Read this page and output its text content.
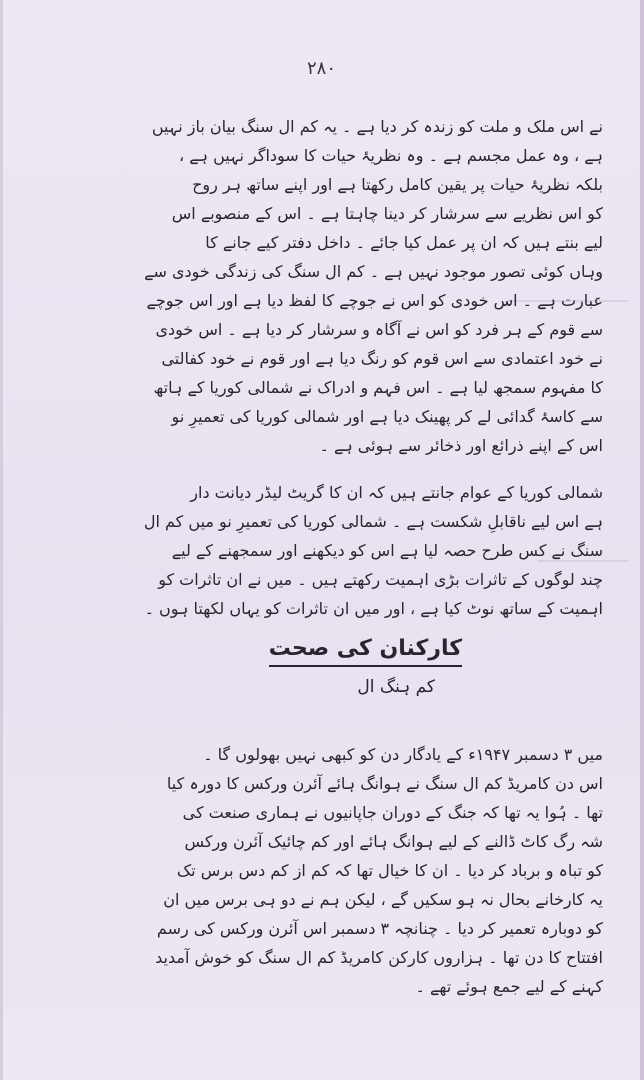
۲۸۰
نے اس ملک و ملت کو زندہ کر دیا ہے ۔ یہ کم ال سنگ بیان باز نہیں
ہے ، وہ عمل مجسم ہے ۔ وہ نظریۂ حیات کا سوداگر نہیں ہے ،
بلکہ نظریۂ حیات پر یقین کامل رکھتا ہے اور اپنے ساتھ ہر روح
کو اس نظریے سے سرشار کر دینا چاہتا ہے ۔ اس کے منصوبے اس
لیے بنتے ہیں کہ ان پر عمل کیا جائے ۔ داخل دفتر کیے جانے کا
وہاں کوئی تصور موجود نہیں ہے ۔ کم ال سنگ کی زندگی خودی سے
عبارت ہے ۔ اس خودی کو اس نے جوچے کا لفظ دیا ہے اور اس جوچے
سے قوم کے ہر فرد کو اس نے آگاہ و سرشار کر دیا ہے ۔ اس خودی
نے خود اعتمادی سے اس قوم کو رنگ دیا ہے اور قوم نے خود کفالتی
کا مفہوم سمجھ لیا ہے ۔ اس فہم و ادراک نے شمالی کوریا کے ہاتھ
سے کاسۂ گدائی لے کر پھینک دیا ہے اور شمالی کوریا کی تعمیرِ نو
اس کے اپنے ذرائع اور ذخائر سے ہوئی ہے ۔
شمالی کوریا کے عوام جانتے ہیں کہ ان کا گریٹ لیڈر دیانت دار
ہے اس لیے ناقابلِ شکست ہے ۔ شمالی کوریا کی تعمیرِ نو میں کم ال
سنگ نے کس طرح حصہ لیا ہے اس کو دیکھنے اور سمجھنے کے لیے
چند لوگوں کے تاثرات بڑی اہمیت رکھتے ہیں ۔ میں نے ان تاثرات کو
اہمیت کے ساتھ نوٹ کیا ہے ، اور میں ان تاثرات کو یہاں لکھتا ہوں ۔
کارکنان کی صحت
کم ہنگ ال
میں ۳ دسمبر ۱۹۴۷ء کے یادگار دن کو کبھی نہیں بھولوں گا ۔
اس دن کامریڈ کم ال سنگ نے ہوانگ ہائے آئرن ورکس کا دورہ کیا
تھا ۔ ہُوا یہ تھا کہ جنگ کے دوران جاپانیوں نے ہماری صنعت کی
شہ رگ کاٹ ڈالنے کے لیے ہوانگ ہائے اور کم چائیک آئرن ورکس
کو تباہ و برباد کر دیا ۔ ان کا خیال تھا کہ کم از کم دس برس تک
یہ کارخانے بحال نہ ہو سکیں گے ، لیکن ہم نے دو ہی برس میں ان
کو دوبارہ تعمیر کر دیا ۔ چنانچہ ۳ دسمبر اس آئرن ورکس کی رسم
افتتاح کا دن تھا ۔ ہزاروں کارکن کامریڈ کم ال سنگ کو خوش آمدید
کہنے کے لیے جمع ہوئے تھے ۔
